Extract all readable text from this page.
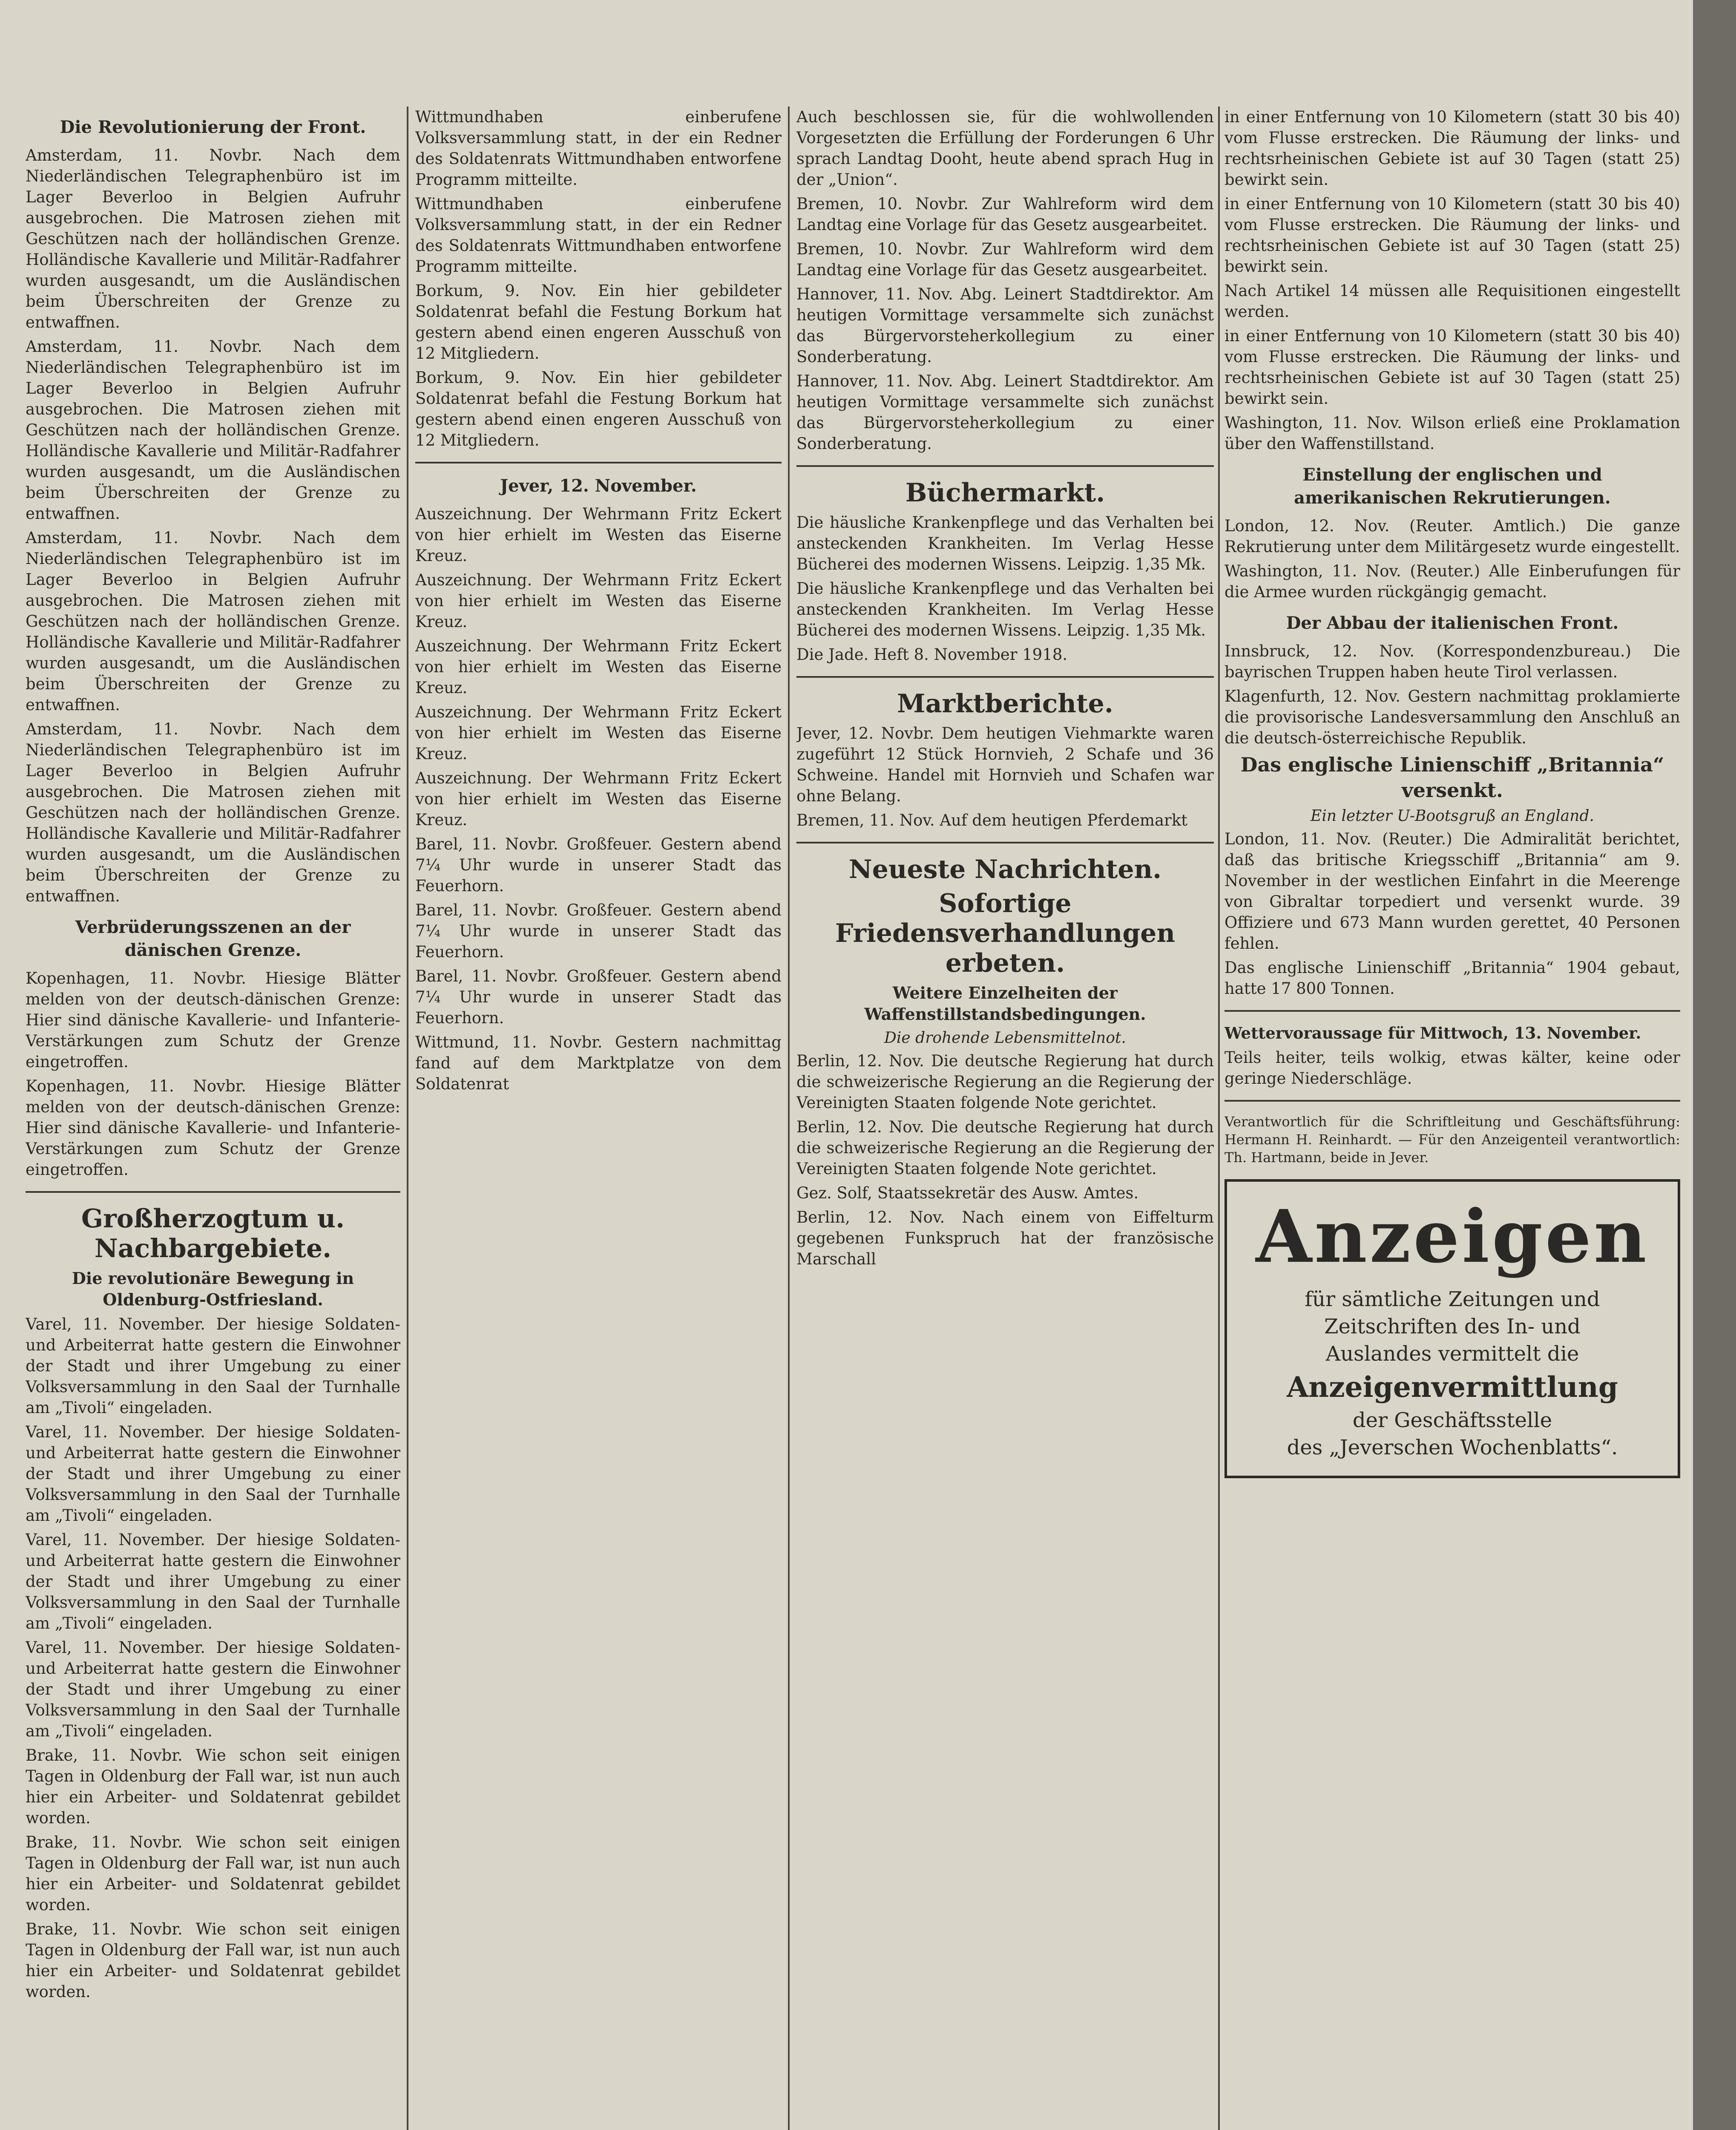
Die Revolutionierung der Front.

Amsterdam, 11. Novbr. Nach dem Niederländischen Telegraphenbüro ist im Lager Beverloo in Belgien Aufruhr ausgebrochen. Die Matrosen ziehen mit Geschützen nach der holländischen Grenze. Holländische Kavallerie und Militär-Radfahrer wurden ausgesandt, um die Ausländischen beim Überschreiten der Grenze zu entwaffnen.

Amsterdam, 11. Novbr. Nach dem Niederländischen Telegraphenbüro ist im Lager Beverloo in Belgien Aufruhr ausgebrochen. Die Matrosen ziehen mit Geschützen nach der holländischen Grenze. Holländische Kavallerie und Militär-Radfahrer wurden ausgesandt, um die Ausländischen beim Überschreiten der Grenze zu entwaffnen.

Amsterdam, 11. Novbr. Nach dem Niederländischen Telegraphenbüro ist im Lager Beverloo in Belgien Aufruhr ausgebrochen. Die Matrosen ziehen mit Geschützen nach der holländischen Grenze. Holländische Kavallerie und Militär-Radfahrer wurden ausgesandt, um die Ausländischen beim Überschreiten der Grenze zu entwaffnen.

Amsterdam, 11. Novbr. Nach dem Niederländischen Telegraphenbüro ist im Lager Beverloo in Belgien Aufruhr ausgebrochen. Die Matrosen ziehen mit Geschützen nach der holländischen Grenze. Holländische Kavallerie und Militär-Radfahrer wurden ausgesandt, um die Ausländischen beim Überschreiten der Grenze zu entwaffnen.

Verbrüderungsszenen an der dänischen Grenze.

Kopenhagen, 11. Novbr. Hiesige Blätter melden von der deutsch-dänischen Grenze: Hier sind dänische Kavallerie- und Infanterie-Verstärkungen zum Schutz der Grenze eingetroffen.

Kopenhagen, 11. Novbr. Hiesige Blätter melden von der deutsch-dänischen Grenze: Hier sind dänische Kavallerie- und Infanterie-Verstärkungen zum Schutz der Grenze eingetroffen.

Großherzogtum u. Nachbargebiete.
Die revolutionäre Bewegung in Oldenburg-Ostfriesland.

Varel, 11. November. Der hiesige Soldaten- und Arbeiterrat hatte gestern die Einwohner der Stadt und ihrer Umgebung zu einer Volksversammlung in den Saal der Turnhalle am „Tivoli“ eingeladen.

Varel, 11. November. Der hiesige Soldaten- und Arbeiterrat hatte gestern die Einwohner der Stadt und ihrer Umgebung zu einer Volksversammlung in den Saal der Turnhalle am „Tivoli“ eingeladen.

Varel, 11. November. Der hiesige Soldaten- und Arbeiterrat hatte gestern die Einwohner der Stadt und ihrer Umgebung zu einer Volksversammlung in den Saal der Turnhalle am „Tivoli“ eingeladen.

Varel, 11. November. Der hiesige Soldaten- und Arbeiterrat hatte gestern die Einwohner der Stadt und ihrer Umgebung zu einer Volksversammlung in den Saal der Turnhalle am „Tivoli“ eingeladen.

Brake, 11. Novbr. Wie schon seit einigen Tagen in Oldenburg der Fall war, ist nun auch hier ein Arbeiter- und Soldatenrat gebildet worden.

Brake, 11. Novbr. Wie schon seit einigen Tagen in Oldenburg der Fall war, ist nun auch hier ein Arbeiter- und Soldatenrat gebildet worden.

Brake, 11. Novbr. Wie schon seit einigen Tagen in Oldenburg der Fall war, ist nun auch hier ein Arbeiter- und Soldatenrat gebildet worden.

Wittmundhaben einberufene Volksversammlung statt, in der ein Redner des Soldatenrats Wittmundhaben entworfene Programm mitteilte.

Wittmundhaben einberufene Volksversammlung statt, in der ein Redner des Soldatenrats Wittmundhaben entworfene Programm mitteilte.

Borkum, 9. Nov. Ein hier gebildeter Soldatenrat befahl die Festung Borkum hat gestern abend einen engeren Ausschuß von 12 Mitgliedern.

Borkum, 9. Nov. Ein hier gebildeter Soldatenrat befahl die Festung Borkum hat gestern abend einen engeren Ausschuß von 12 Mitgliedern.

Jever, 12. November.

Auszeichnung. Der Wehrmann Fritz Eckert von hier erhielt im Westen das Eiserne Kreuz.

Auszeichnung. Der Wehrmann Fritz Eckert von hier erhielt im Westen das Eiserne Kreuz.

Auszeichnung. Der Wehrmann Fritz Eckert von hier erhielt im Westen das Eiserne Kreuz.

Auszeichnung. Der Wehrmann Fritz Eckert von hier erhielt im Westen das Eiserne Kreuz.

Auszeichnung. Der Wehrmann Fritz Eckert von hier erhielt im Westen das Eiserne Kreuz.

Barel, 11. Novbr. Großfeuer. Gestern abend 7¼ Uhr wurde in unserer Stadt das Feuerhorn.

Barel, 11. Novbr. Großfeuer. Gestern abend 7¼ Uhr wurde in unserer Stadt das Feuerhorn.

Barel, 11. Novbr. Großfeuer. Gestern abend 7¼ Uhr wurde in unserer Stadt das Feuerhorn.

Wittmund, 11. Novbr. Gestern nachmittag fand auf dem Marktplatze von dem Soldatenrat

Auch beschlossen sie, für die wohlwollenden Vorgesetzten die Erfüllung der Forderungen 6 Uhr sprach Landtag Dooht, heute abend sprach Hug in der „Union“.

Bremen, 10. Novbr. Zur Wahlreform wird dem Landtag eine Vorlage für das Gesetz ausgearbeitet.

Bremen, 10. Novbr. Zur Wahlreform wird dem Landtag eine Vorlage für das Gesetz ausgearbeitet.

Hannover, 11. Nov. Abg. Leinert Stadtdirektor. Am heutigen Vormittage versammelte sich zunächst das Bürgervorsteherkollegium zu einer Sonderberatung.

Hannover, 11. Nov. Abg. Leinert Stadtdirektor. Am heutigen Vormittage versammelte sich zunächst das Bürgervorsteherkollegium zu einer Sonderberatung.

Büchermarkt.

Die häusliche Krankenpflege und das Verhalten bei ansteckenden Krankheiten. Im Verlag Hesse Bücherei des modernen Wissens. Leipzig. 1,35 Mk.

Die häusliche Krankenpflege und das Verhalten bei ansteckenden Krankheiten. Im Verlag Hesse Bücherei des modernen Wissens. Leipzig. 1,35 Mk.

Die Jade. Heft 8. November 1918.

Marktberichte.

Jever, 12. Novbr. Dem heutigen Viehmarkte waren zugeführt 12 Stück Hornvieh, 2 Schafe und 36 Schweine. Handel mit Hornvieh und Schafen war ohne Belang.

Bremen, 11. Nov. Auf dem heutigen Pferdemarkt

Neueste Nachrichten.
Sofortige Friedensverhandlungen erbeten.
Weitere Einzelheiten der Waffenstillstandsbedingungen.
Die drohende Lebensmittelnot.

Berlin, 12. Nov. Die deutsche Regierung hat durch die schweizerische Regierung an die Regierung der Vereinigten Staaten folgende Note gerichtet.

Berlin, 12. Nov. Die deutsche Regierung hat durch die schweizerische Regierung an die Regierung der Vereinigten Staaten folgende Note gerichtet.

Gez. Solf, Staatssekretär des Ausw. Amtes.

Berlin, 12. Nov. Nach einem von Eiffelturm gegebenen Funkspruch hat der französische Marschall

in einer Entfernung von 10 Kilometern (statt 30 bis 40) vom Flusse erstrecken. Die Räumung der links- und rechtsrheinischen Gebiete ist auf 30 Tagen (statt 25) bewirkt sein.

in einer Entfernung von 10 Kilometern (statt 30 bis 40) vom Flusse erstrecken. Die Räumung der links- und rechtsrheinischen Gebiete ist auf 30 Tagen (statt 25) bewirkt sein.

Nach Artikel 14 müssen alle Requisitionen eingestellt werden.

in einer Entfernung von 10 Kilometern (statt 30 bis 40) vom Flusse erstrecken. Die Räumung der links- und rechtsrheinischen Gebiete ist auf 30 Tagen (statt 25) bewirkt sein.

Washington, 11. Nov. Wilson erließ eine Proklamation über den Waffenstillstand.

Einstellung der englischen und amerikanischen Rekrutierungen.

London, 12. Nov. (Reuter. Amtlich.) Die ganze Rekrutierung unter dem Militärgesetz wurde eingestellt.

Washington, 11. Nov. (Reuter.) Alle Einberufungen für die Armee wurden rückgängig gemacht.

Der Abbau der italienischen Front.

Innsbruck, 12. Nov. (Korrespondenzbureau.) Die bayrischen Truppen haben heute Tirol verlassen.

Klagenfurth, 12. Nov. Gestern nachmittag proklamierte die provisorische Landesversammlung den Anschluß an die deutsch-österreichische Republik.

Das englische Linienschiff „Britannia“ versenkt.
Ein letzter U-Bootsgruß an England.

London, 11. Nov. (Reuter.) Die Admiralität berichtet, daß das britische Kriegsschiff „Britannia“ am 9. November in der westlichen Einfahrt in die Meerenge von Gibraltar torpediert und versenkt wurde. 39 Offiziere und 673 Mann wurden gerettet, 40 Personen fehlen.

Das englische Linienschiff „Britannia“ 1904 gebaut, hatte 17 800 Tonnen.

Wettervoraussage für Mittwoch, 13. November.

Teils heiter, teils wolkig, etwas kälter, keine oder geringe Niederschläge.

Verantwortlich für die Schriftleitung und Geschäftsführung: Hermann H. Reinhardt. — Für den Anzeigenteil verantwortlich: Th. Hartmann, beide in Jever.

Anzeigen

für sämtliche Zeitungen und

Zeitschriften des In- und

Auslandes vermittelt die

Anzeigenvermittlung

der Geschäftsstelle

des „Jeverschen Wochenblatts“.
